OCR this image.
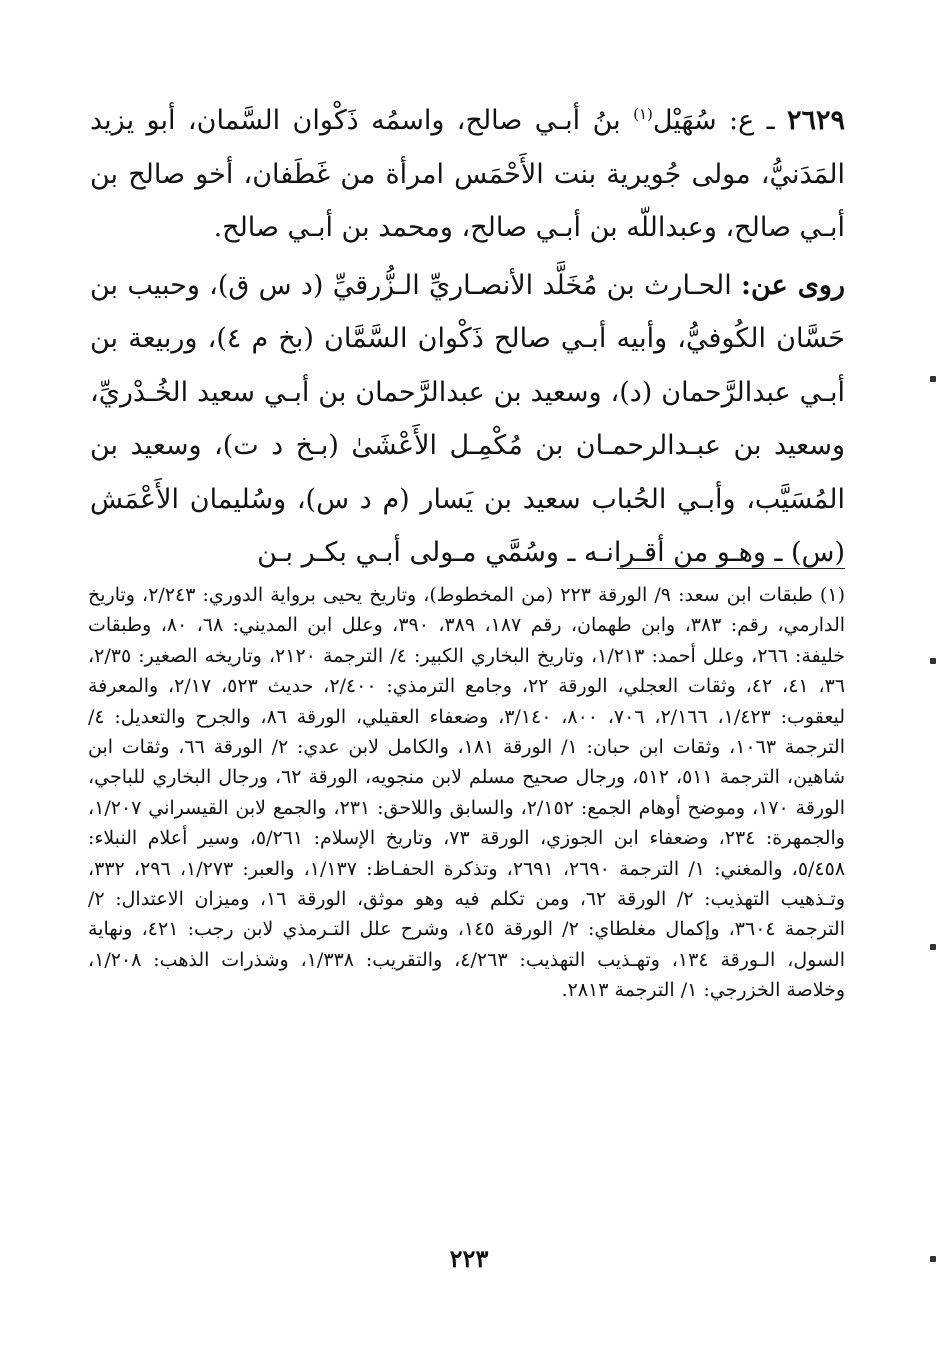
٢٦٢٩ ـ ع: سُهَيْل$^{(١)}$ بنُ أبـي صالح، واسمُه ذَكْوان السَّمان، أبو يزيد المَدَنيُّ، مولى جُويرية بنت الأَحْمَس امرأة من غَطَفان، أخو صالح بن أبـي صالح، وعبداللّه بن أبـي صالح، ومحمد بن أبـي صالح.

روى عن: الحـارث بن مُخَلَّد الأنصـاريِّ الـزُّرقيِّ (د س ق)، وحبيب بن حَسَّان الكُوفيُّ، وأبيه أبـي صالح ذَكْوان السَّمَّان (بخ م ٤)، وربيعة بن أبـي عبدالرَّحمان (د)، وسعيد بن عبدالرَّحمان بن أبـي سعيد الخُـدْريِّ، وسعيد بن عبـدالرحمـان بن مُكْمِـل الأَعْشَىٰ (بـخ د ت)، وسعيد بن المُسَيَّب، وأبـي الحُباب سعيد بن يَسار (م د س)، وسُليمان الأَعْمَش (س) ـ وهـو من أقـرانـه ـ وسُمَّي مـولى أبـي بكـر بـن

(١) طبقات ابن سعد: ٩/ الورقة ٢٢٣ (من المخطوط)، وتاريخ يحيى برواية الدوري: ٢/٢٤٣، وتاريخ الدارمي، رقم: ٣٨٣، وابن طهمان، رقم ١٨٧، ٣٨٩، ٣٩٠، وعلل ابن المديني: ٦٨، ٨٠، وطبقات خليفة: ٢٦٦، وعلل أحمد: ١/٢١٣، وتاريخ البخاري الكبير: ٤/ الترجمة ٢١٢٠، وتاريخه الصغير: ٢/٣٥، ٣٦، ٤١، ٤٢، وثقات العجلي، الورقة ٢٢، وجامع الترمذي: ٢/٤٠٠، حديث ٥٢٣، ٢/١٧، والمعرفة ليعقوب: ١/٤٢٣، ٢/١٦٦، ٧٠٦، ٨٠٠، ٣/١٤٠، وضعفاء العقيلي، الورقة ٨٦، والجرح والتعديل: ٤/ الترجمة ١٠٦٣، وثقات ابن حبان: ١/ الورقة ١٨١، والكامل لابن عدي: ٢/ الورقة ٦٦، وثقات ابن شاهين، الترجمة ٥١١، ٥١٢، ورجال صحيح مسلم لابن منجويه، الورقة ٦٢، ورجال البخاري للباجي، الورقة ١٧٠، وموضح أوهام الجمع: ٢/١٥٢، والسابق واللاحق: ٢٣١، والجمع لابن القيسراني ١/٢٠٧، والجمهرة: ٢٣٤، وضعفاء ابن الجوزي، الورقة ٧٣، وتاريخ الإسلام: ٥/٢٦١، وسير أعلام النبلاء: ٥/٤٥٨، والمغني: ١/ الترجمة ٢٦٩٠، ٢٦٩١، وتذكرة الحفـاظ: ١/١٣٧، والعبر: ١/٢٧٣، ٢٩٦، ٣٣٢، وتـذهيب التهذيب: ٢/ الورقة ٦٢، ومن تكلم فيه وهو موثق، الورقة ١٦، وميزان الاعتدال: ٢/ الترجمة ٣٦٠٤، وإكمال مغلطاي: ٢/ الورقة ١٤٥، وشرح علل التـرمذي لابن رجب: ٤٢١، ونهاية السول، الـورقة ١٣٤، وتهـذيب التهذيب: ٤/٢٦٣، والتقريب: ١/٣٣٨، وشذرات الذهب: ١/٢٠٨، وخلاصة الخزرجي: ١/ الترجمة ٢٨١٣.

٢٢٣
